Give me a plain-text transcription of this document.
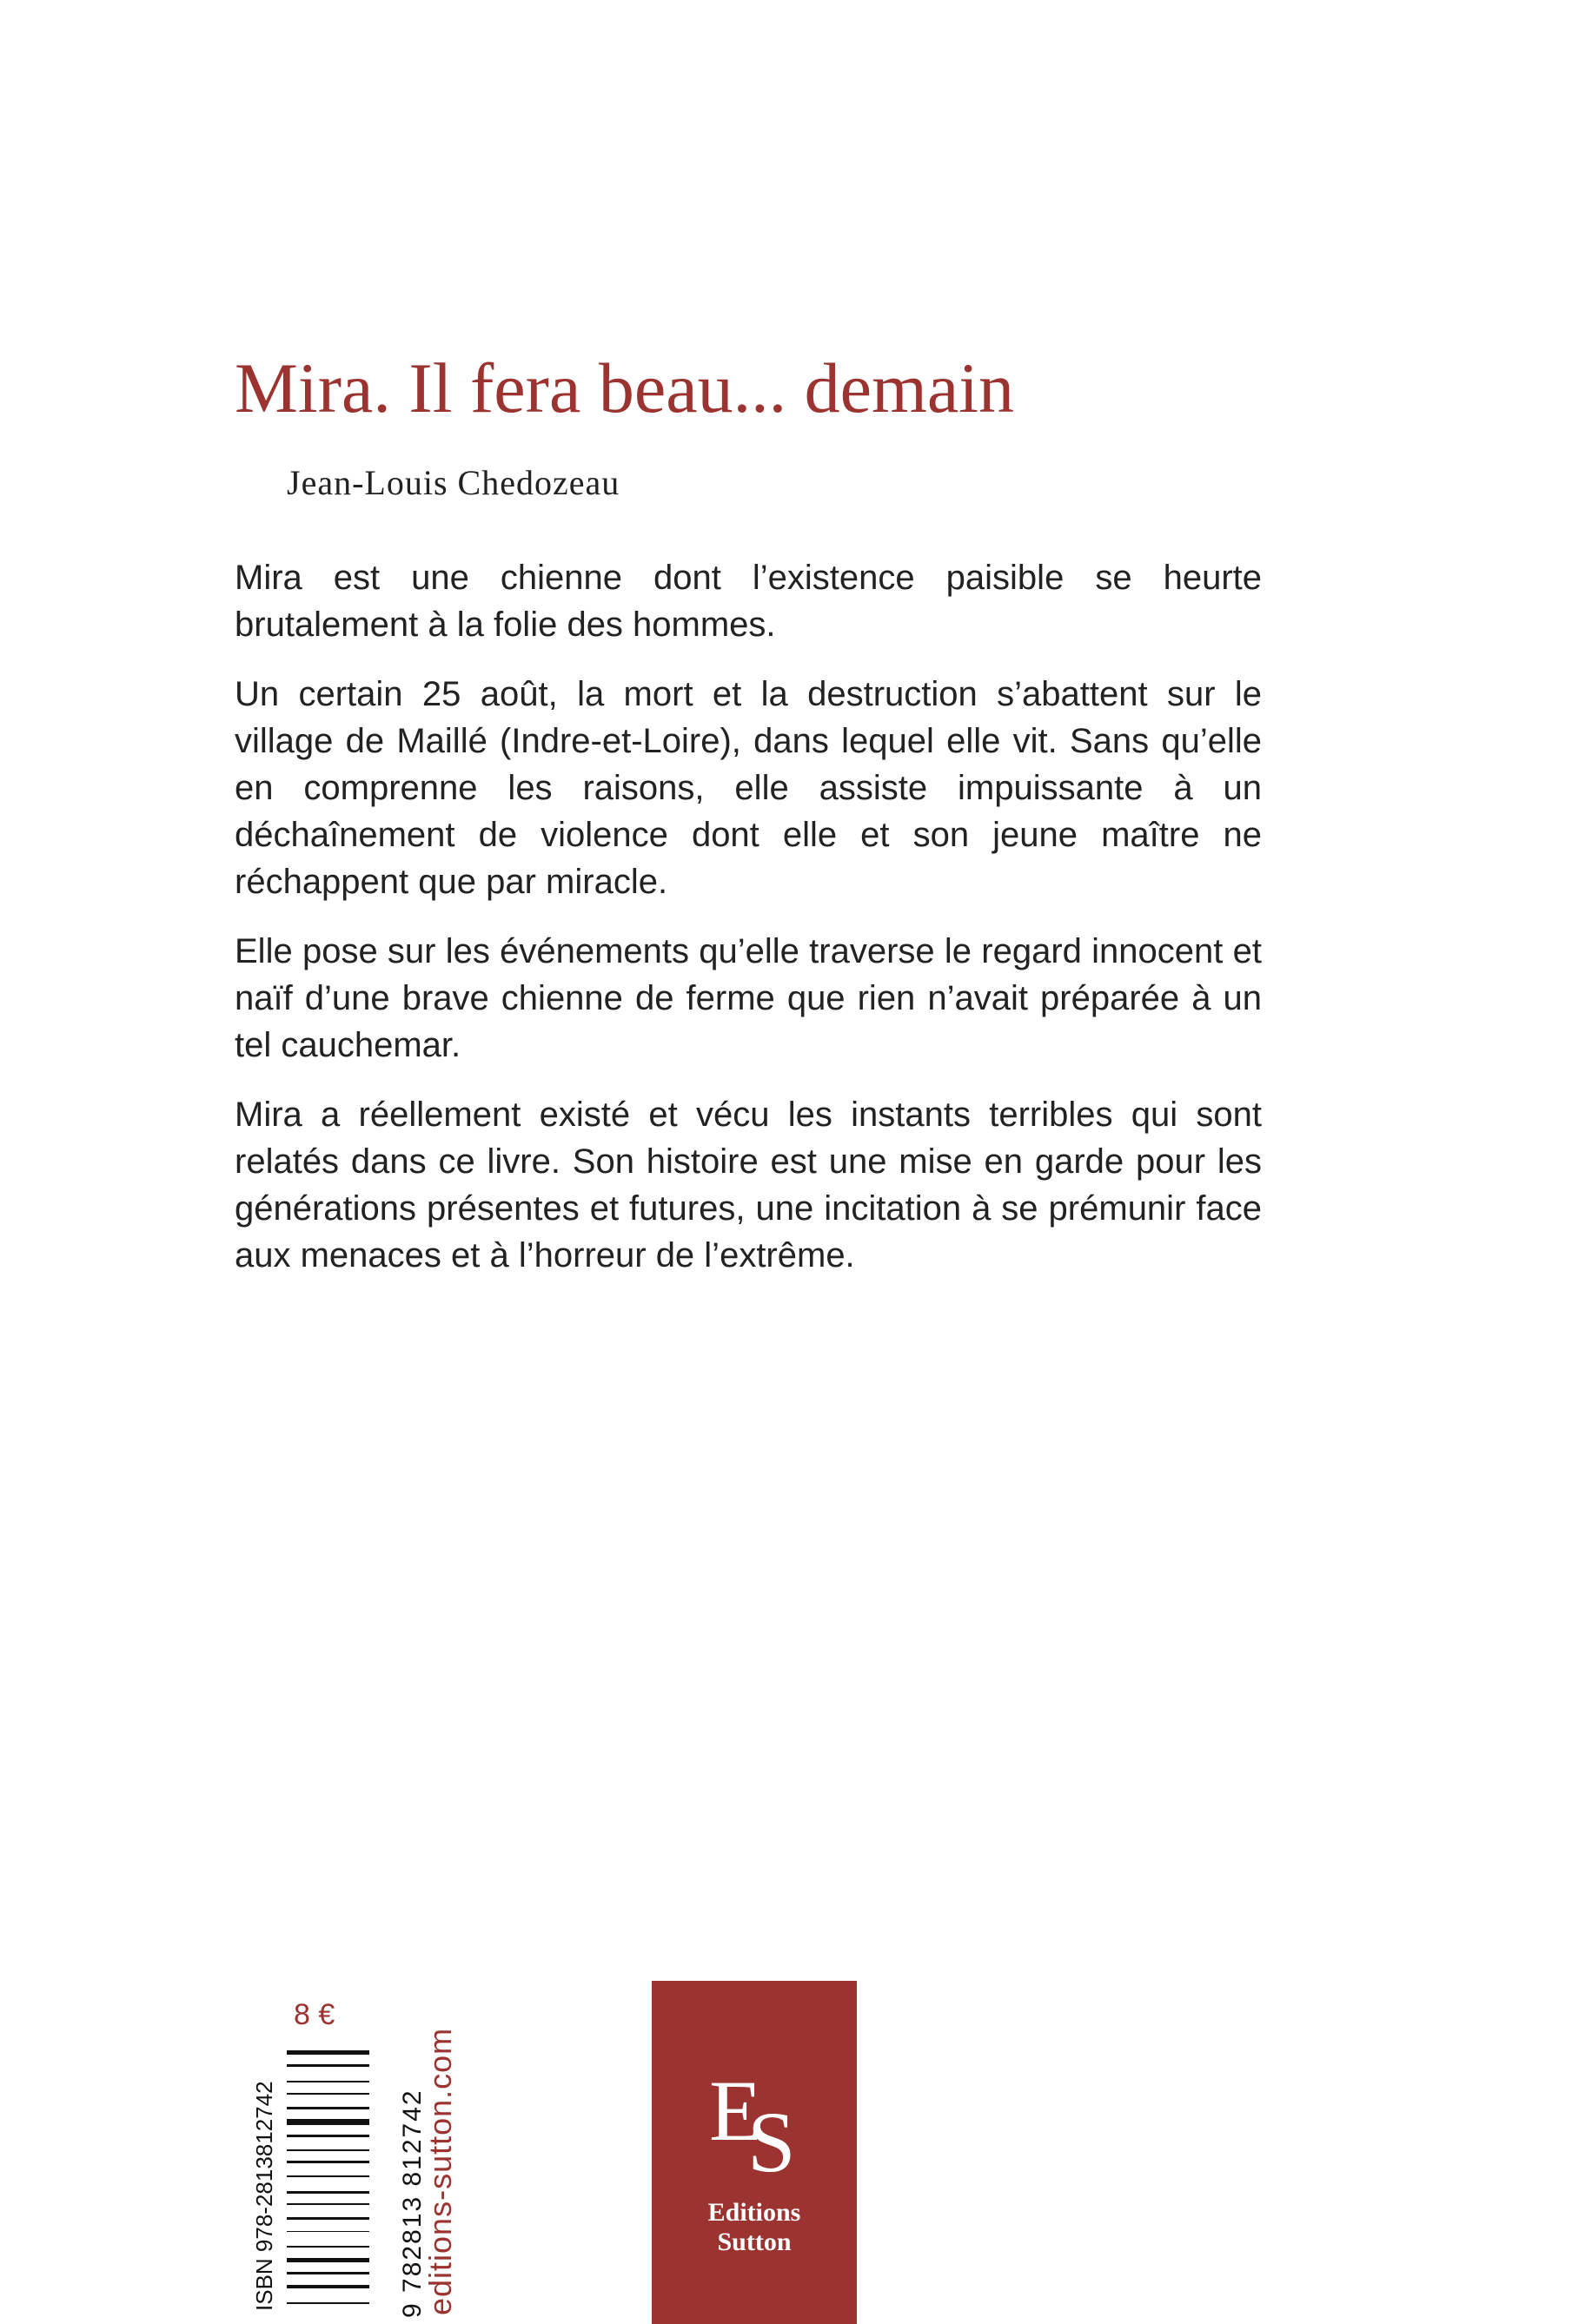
Mira. Il fera beau... demain
Jean-Louis Chedozeau

Mira est une chienne dont l’existence paisible se heurte brutalement à la folie des hommes.

Un certain 25 août, la mort et la destruction s’abattent sur le village de Maillé (Indre-et-Loire), dans lequel elle vit. Sans qu’elle en comprenne les raisons, elle assiste impuissante à un déchaînement de violence dont elle et son jeune maître ne réchappent que par miracle.

Elle pose sur les événements qu’elle traverse le regard innocent et naïf d’une brave chienne de ferme que rien n’avait préparée à un tel cauchemar.

Mira a réellement existé et vécu les instants terribles qui sont relatés dans ce livre. Son histoire est une mise en garde pour les générations présentes et futures, une incitation à se prémunir face aux menaces et à l’horreur de l’extrême.

8 €
ISBN 978-2813812742	9 782813 812742
editions-sutton.com	E
S
Editions
Sutton
